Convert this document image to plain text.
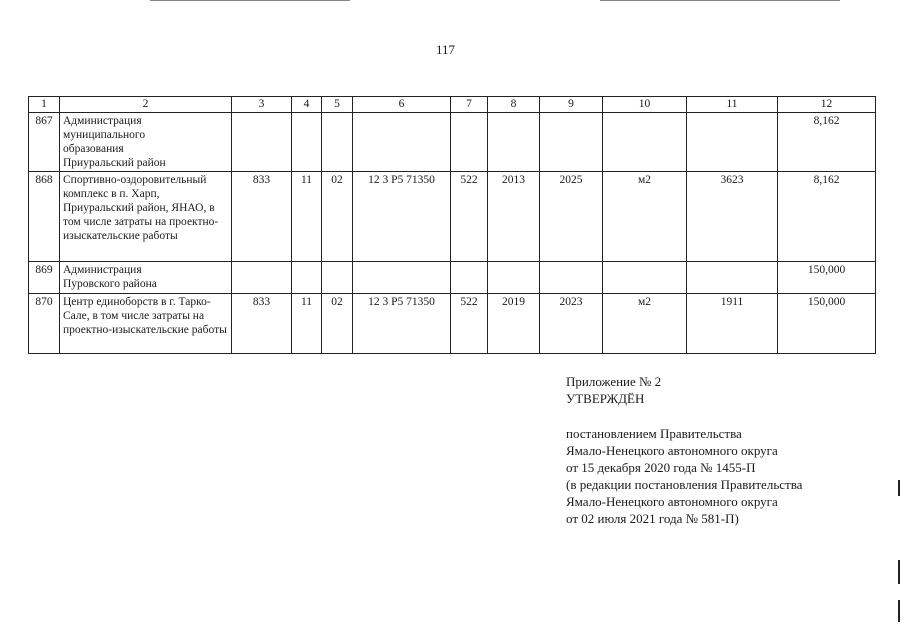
117
1	2	3	4	5	6	7	8	9	10	11	12
867	Администрация муниципального образования Приуральский район										8,162
868	Спортивно-оздоровительный комплекс в п. Харп, Приуральский район, ЯНАО, в том числе затраты на проектно-изыскательские работы	833	11	02	12 3 P5 71350	522	2013	2025	м2	3623	8,162
869	Администрация Пуровского района										150,000
870	Центр единоборств в г. Тарко-Сале, в том числе затраты на проектно-изыскательские работы	833	11	02	12 3 P5 71350	522	2019	2023	м2	1911	150,000
Приложение № 2
УТВЕРЖДЁН
постановлением Правительства
Ямало-Ненецкого автономного округа
от 15 декабря 2020 года № 1455-П
(в редакции постановления Правительства
Ямало-Ненецкого автономного округа
от 02 июля 2021 года № 581-П)
